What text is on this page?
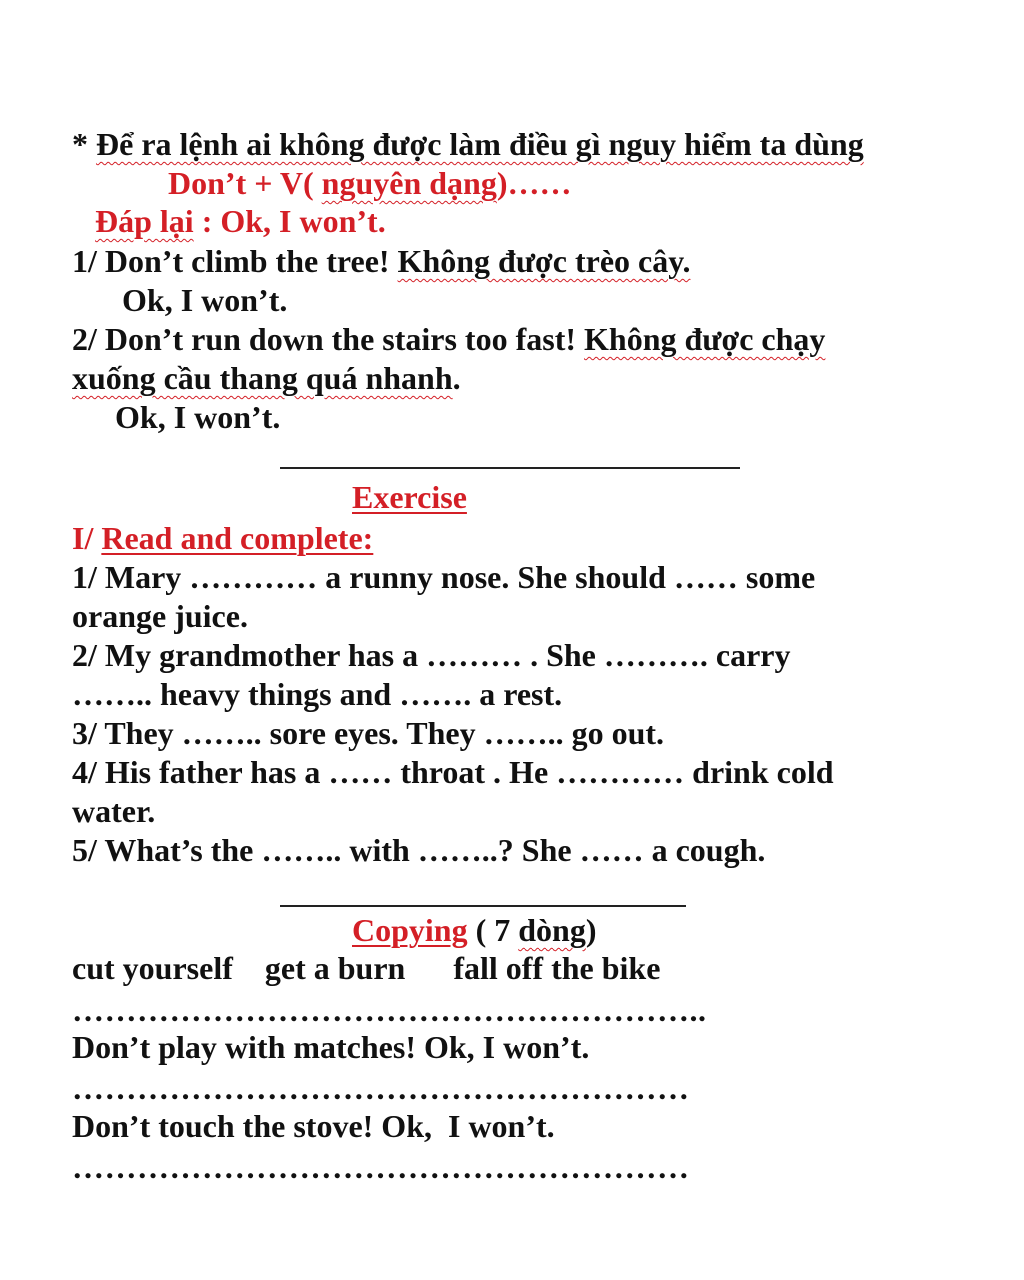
* Để ra lệnh ai không được làm điều gì nguy hiểm ta dùng

Don’t + V( nguyên dạng)……

Đáp lại : Ok, I won’t.

1/ Don’t climb the tree! Không được trèo cây.

Ok, I won’t.

2/ Don’t run down the stairs too fast! Không được chạy

xuống cầu thang quá nhanh.

Ok, I won’t.

Exercise

I/ Read and complete:

1/ Mary ………… a runny nose. She should …… some

orange juice.

2/ My grandmother has a ……… . She ………. carry

…….. heavy things and ……. a rest.

3/ They …….. sore eyes. They …….. go out.

4/ His father has a …… throat . He ………… drink cold

water.

5/ What’s the …….. with ……..? She …… a cough.

Copying ( 7 dòng)

cut yourself    get a burn      fall off the bike

…………………………………………………..

Don’t play with matches! Ok, I won’t.

…………………………………………………

Don’t touch the stove! Ok,  I won’t.

…………………………………………………
